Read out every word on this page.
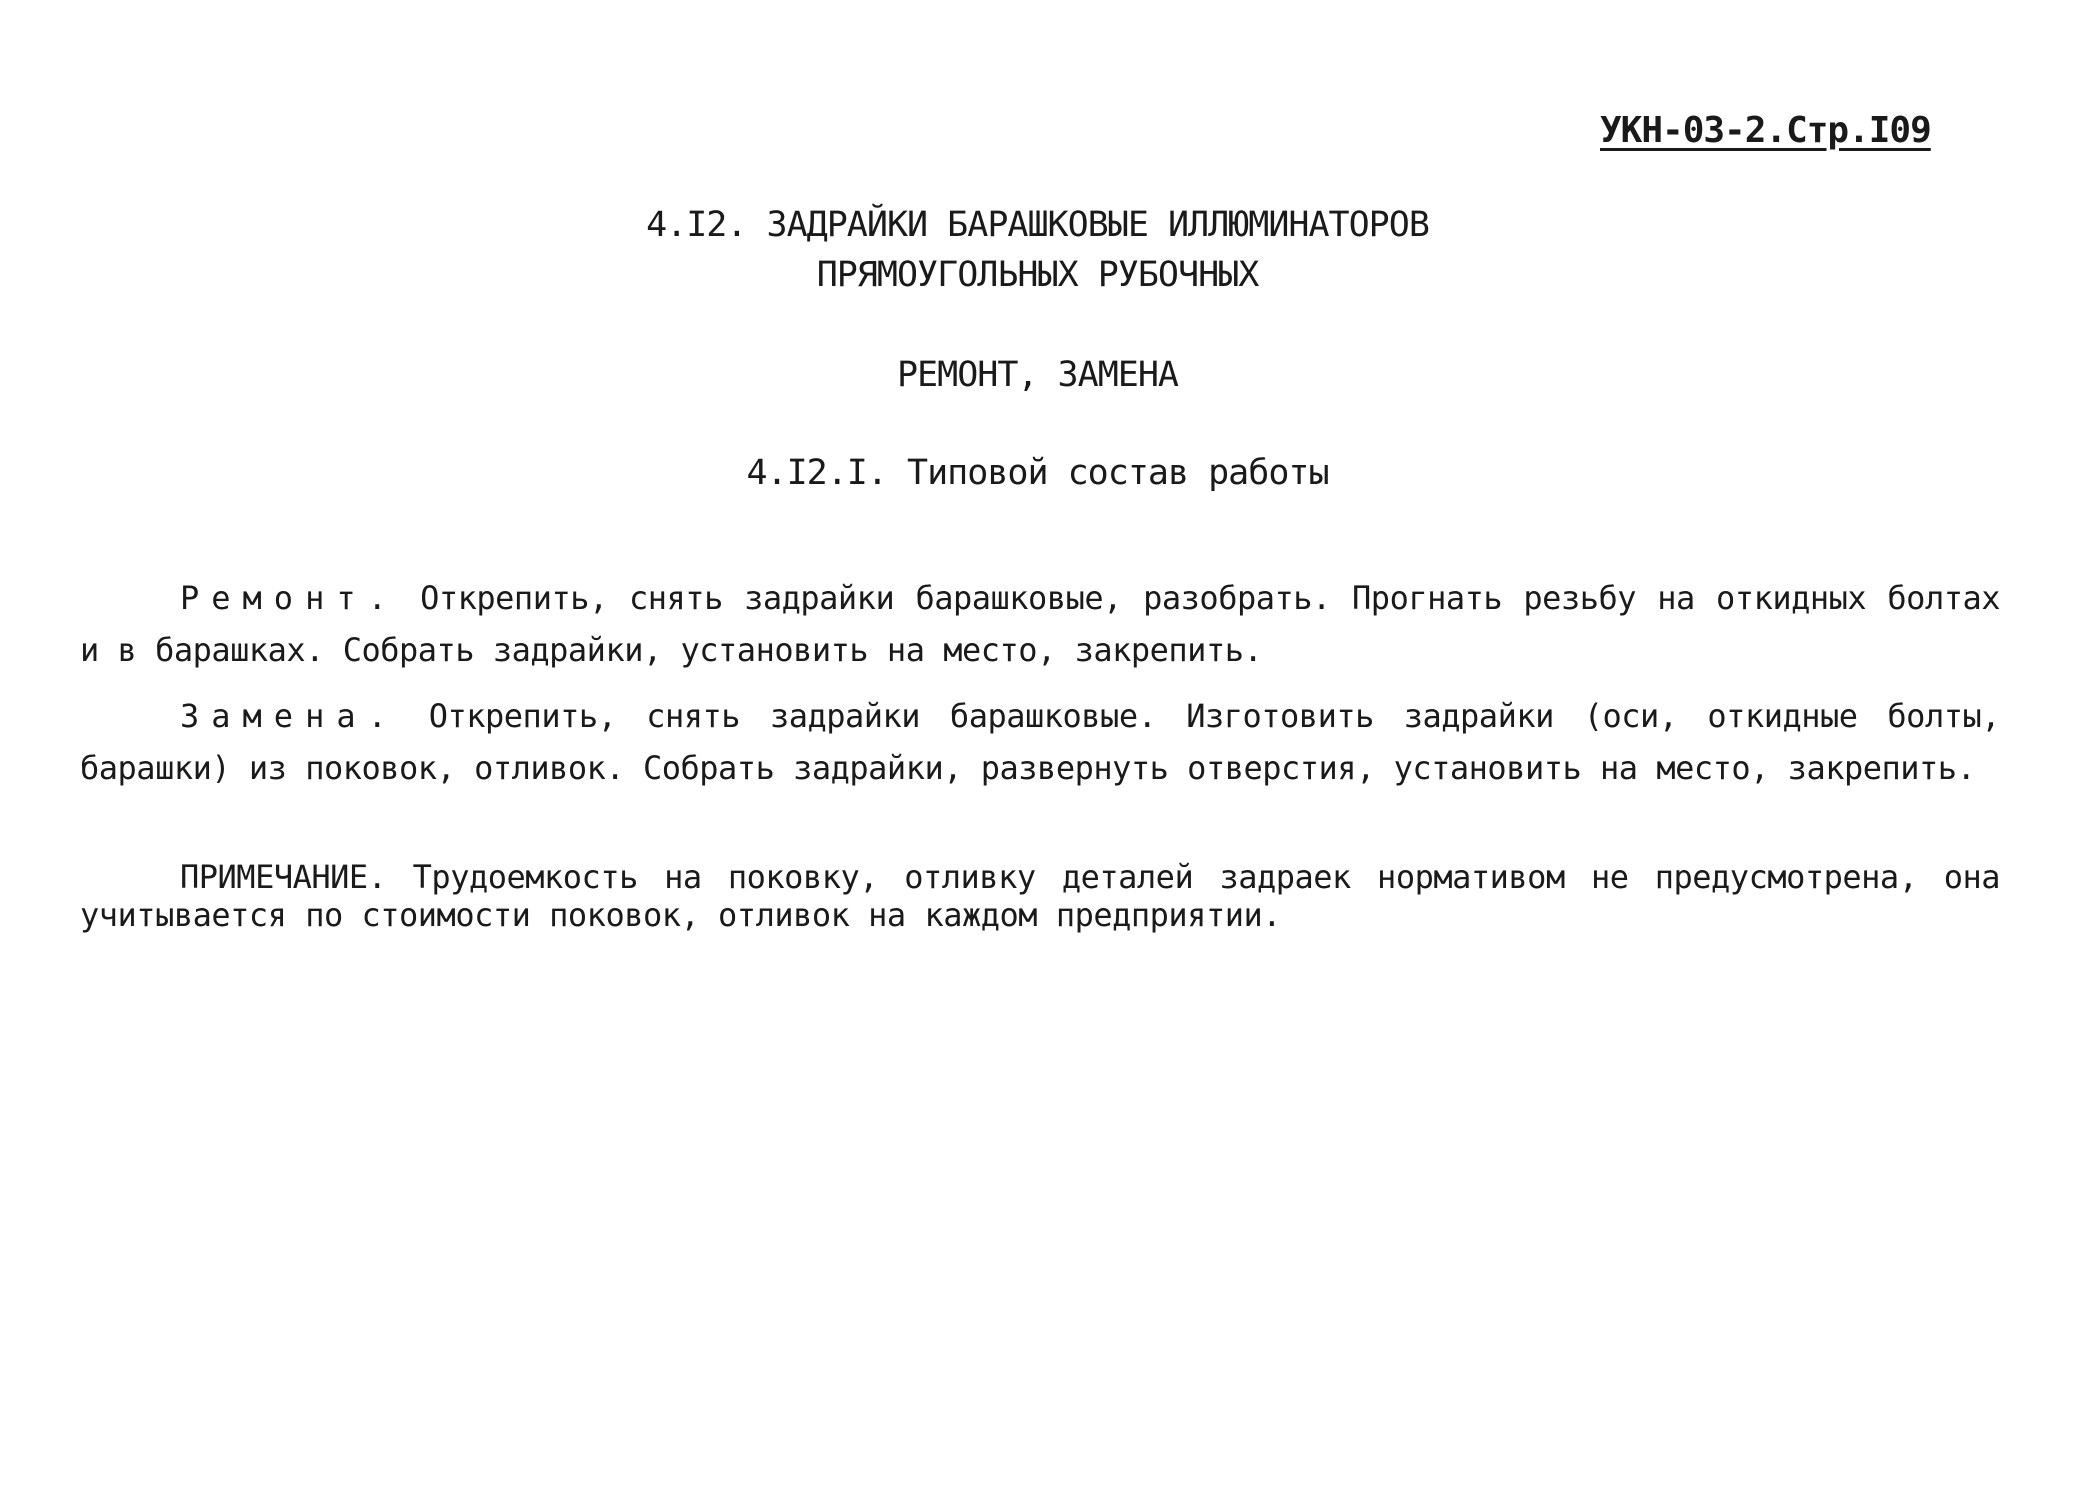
УКН-03-2.Стр.I09
4.I2. ЗАДРАЙКИ БАРАШКОВЫЕ ИЛЛЮМИНАТОРОВ
ПРЯМОУГОЛЬНЫХ РУБОЧНЫХ
РЕМОНТ, ЗАМЕНА
4.I2.I. Типовой состав работы
Ремонт. Открепить, снять задрайки барашковые, разобрать. Прогнать резьбу на откидных болтах и в барашках. Собрать задрайки, установить на место, закрепить.
Замена. Открепить, снять задрайки барашковые. Изготовить задрайки (оси, откидные болты, барашки) из поковок, отливок. Собрать задрайки, развернуть отверстия, установить на место, закрепить.
ПРИМЕЧАНИЕ. Трудоемкость на поковку, отливку деталей задраек нормативом не предусмотрена, она учитывается по стоимости поковок, отливок на каждом предприятии.
